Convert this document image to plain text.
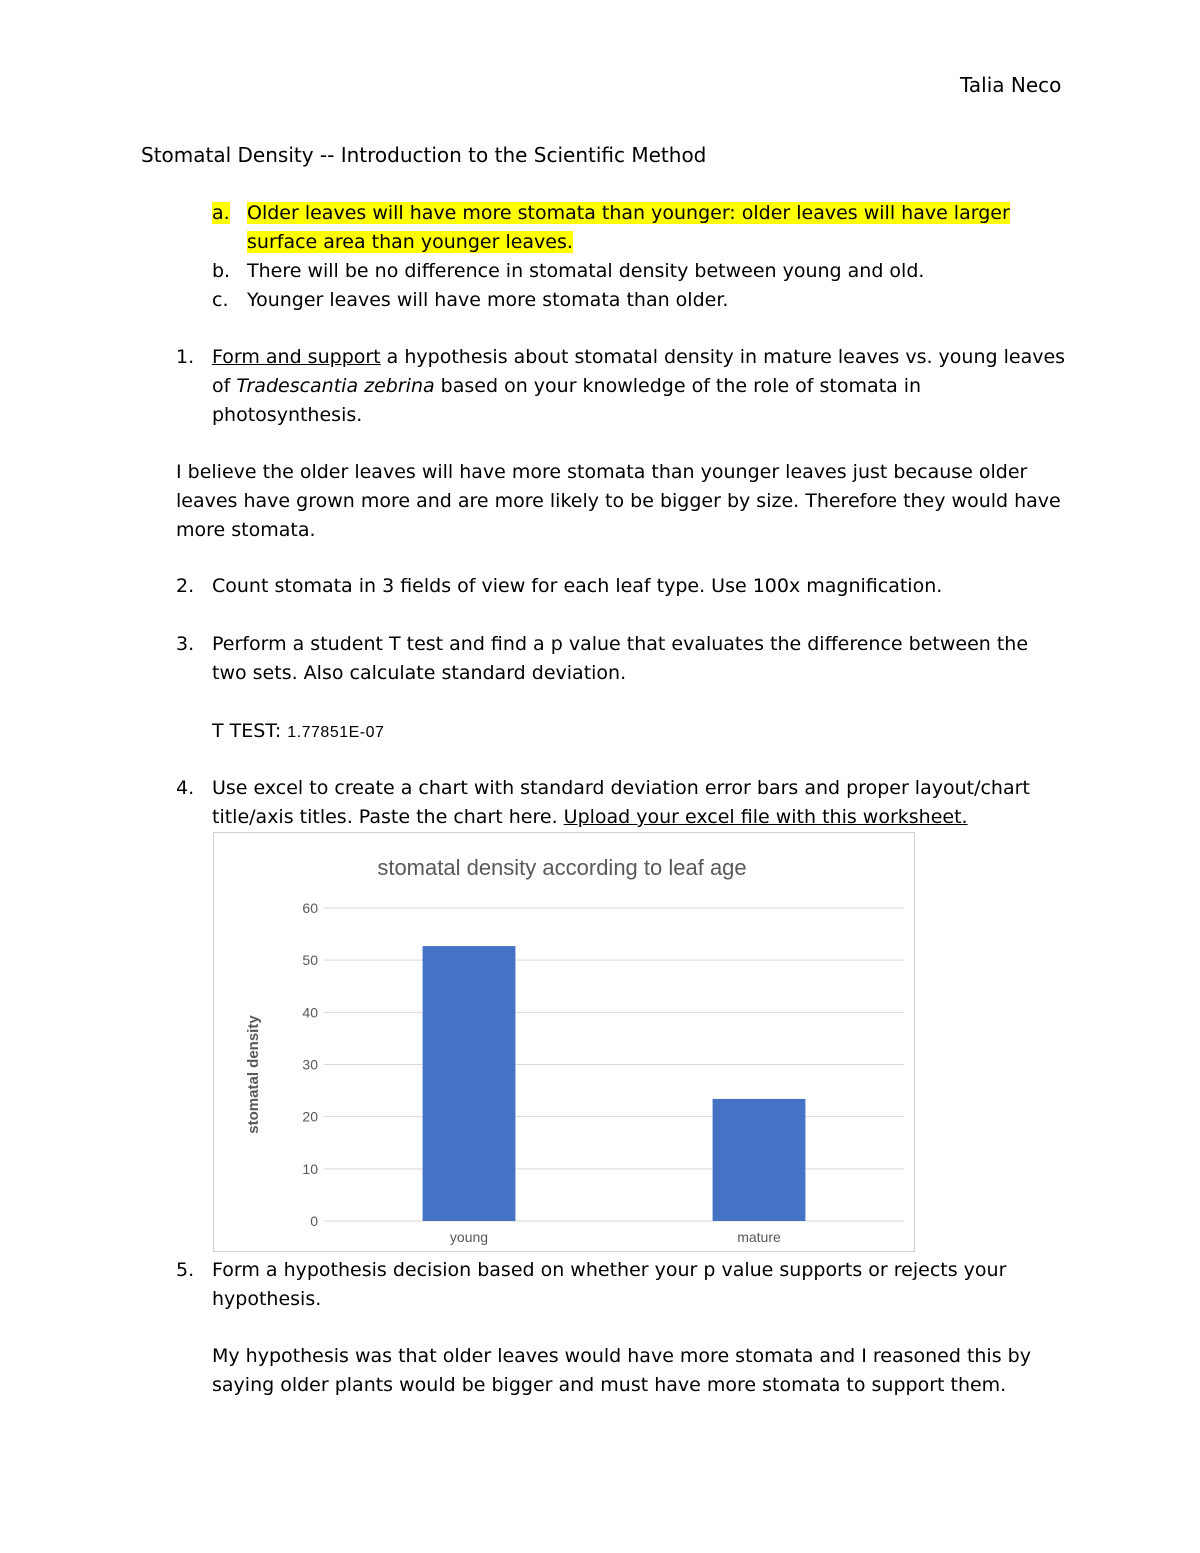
Talia Neco
Stomatal Density -- Introduction to the Scientific Method
a. Older leaves will have more stomata than younger: older leaves will have larger
surface area than younger leaves.
b. There will be no difference in stomatal density between young and old.
c. Younger leaves will have more stomata than older.
1. Form and support a hypothesis about stomatal density in mature leaves vs. young leaves
of Tradescantia zebrina based on your knowledge of the role of stomata in
photosynthesis.
I believe the older leaves will have more stomata than younger leaves just because older
leaves have grown more and are more likely to be bigger by size. Therefore they would have
more stomata.
2. Count stomata in 3 fields of view for each leaf type. Use 100x magnification.
3. Perform a student T test and find a p value that evaluates the difference between the
two sets. Also calculate standard deviation.
T TEST: 1.77851E-07
4. Use excel to create a chart with standard deviation error bars and proper layout/chart
title/axis titles. Paste the chart here. Upload your excel file with this worksheet.
stomatal density according to leaf age
0
10
20
30
40
50
60
young	mature
stomatal density
5. Form a hypothesis decision based on whether your p value supports or rejects your
hypothesis.
My hypothesis was that older leaves would have more stomata and I reasoned this by
saying older plants would be bigger and must have more stomata to support them.
